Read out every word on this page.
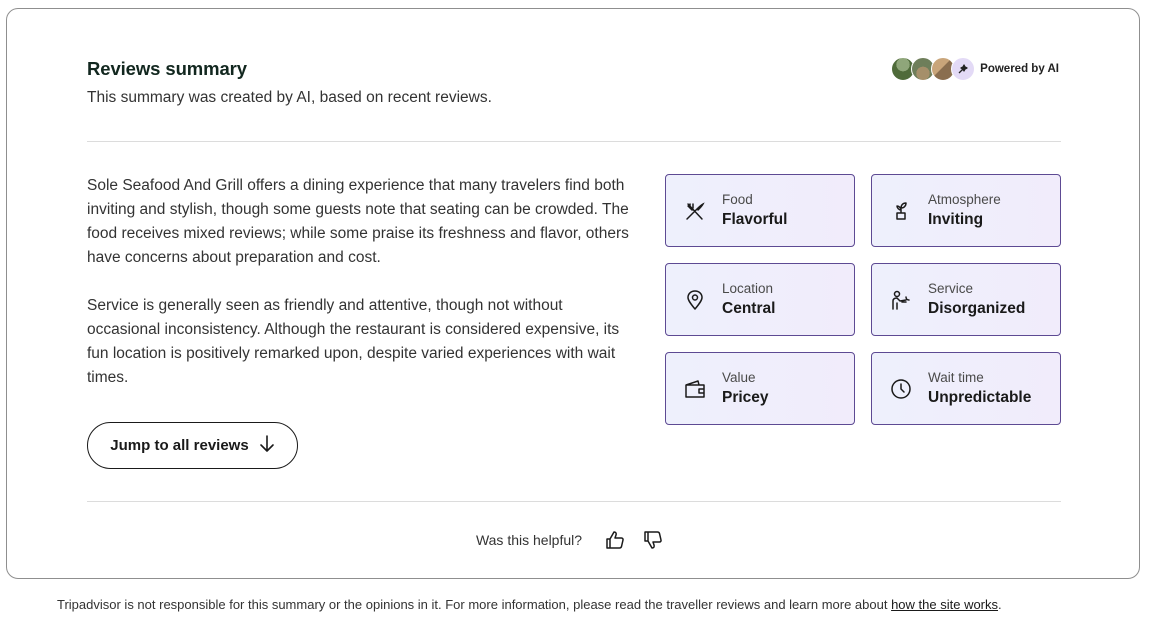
Reviews summary

This summary was created by AI, based on recent reviews.

Powered by AI

Sole Seafood And Grill offers a dining experience that many travelers find both inviting and stylish, though some guests note that seating can be crowded. The food receives mixed reviews; while some praise its freshness and flavor, others have concerns about preparation and cost.

Service is generally seen as friendly and attentive, though not without occasional inconsistency. Although the restaurant is considered expensive, its fun location is positively remarked upon, despite varied experiences with wait times.

Jump to all reviews
Food
Flavorful
Atmosphere
Inviting
Location
Central
Service
Disorganized
Value
Pricey
Wait time
Unpredictable
Was this helpful?

Tripadvisor is not responsible for this summary or the opinions in it. For more information, please read the traveller reviews and learn more about how the site works.
